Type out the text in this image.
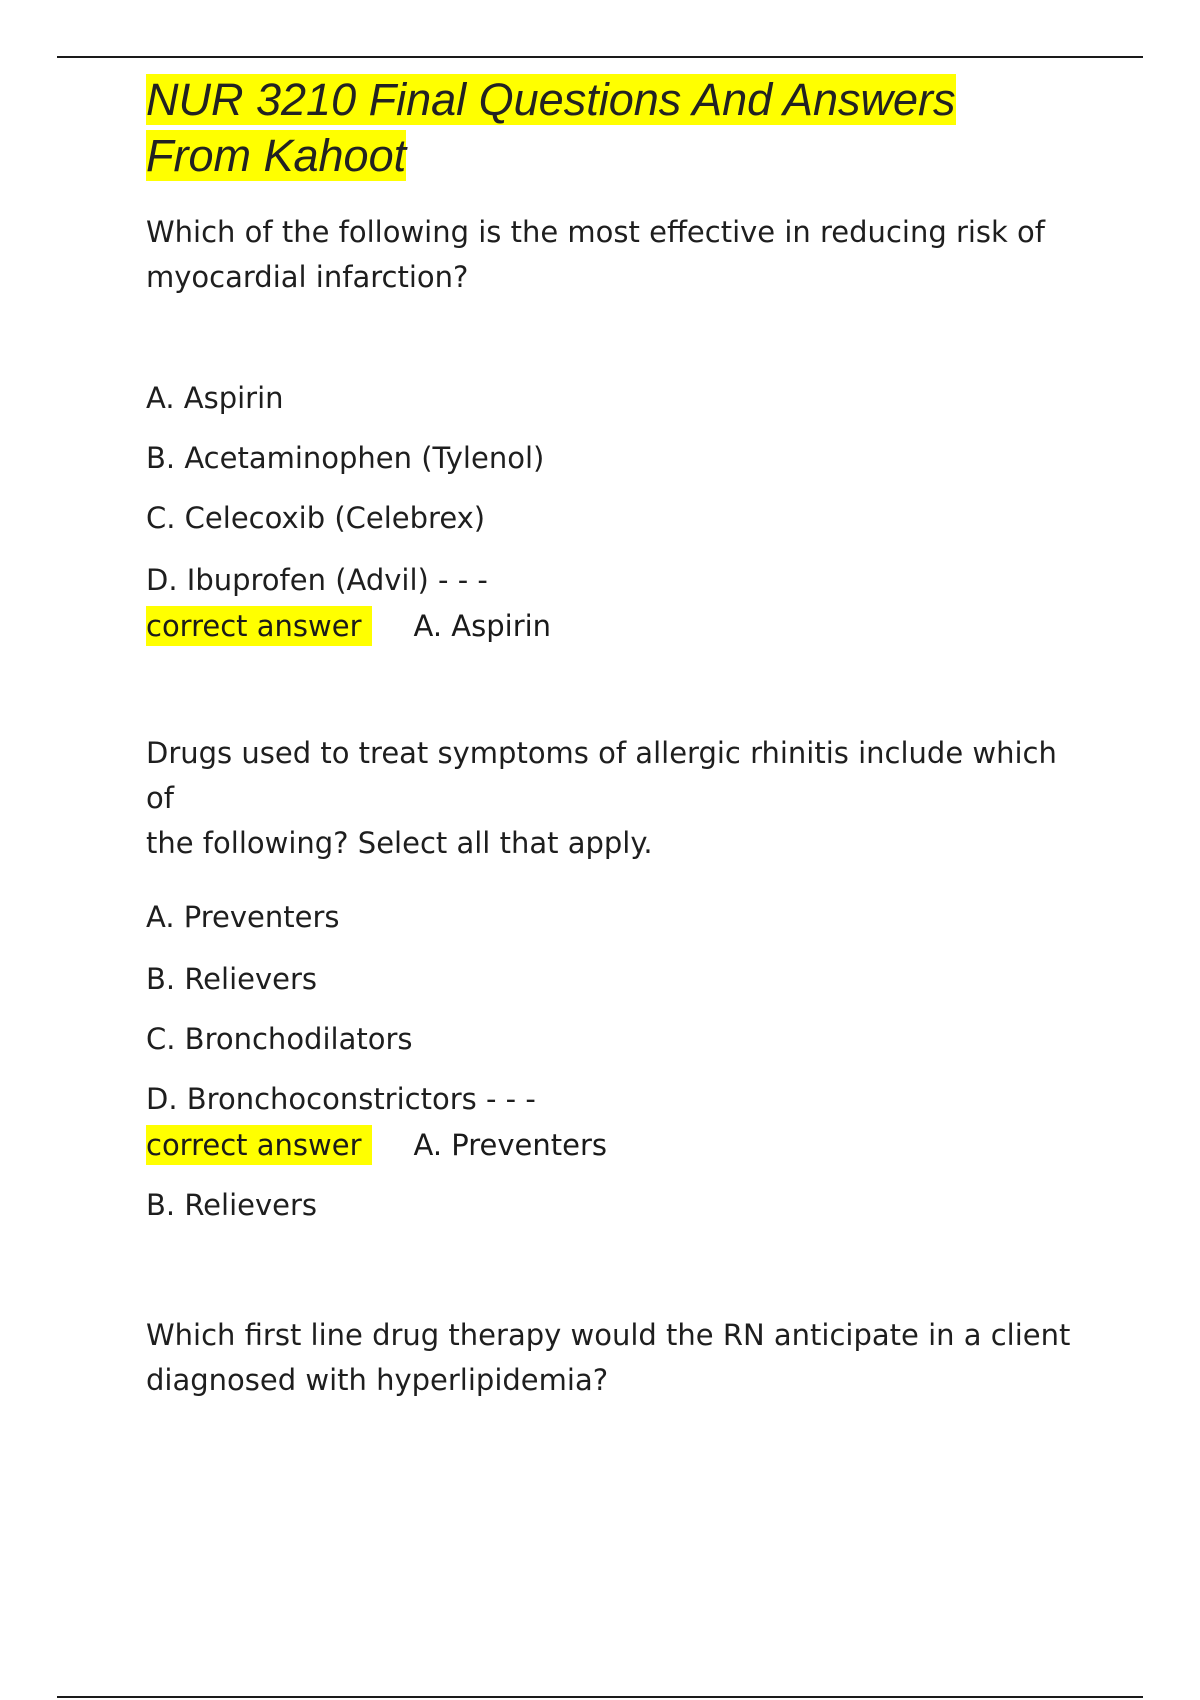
NUR 3210 Final Questions And Answers
From Kahoot

Which of the following is the most effective in reducing risk of
myocardial infarction?

A. Aspirin

B. Acetaminophen (Tylenol)

C. Celecoxib (Celebrex)

D. Ibuprofen (Advil) - - -

correct answer	A. Aspirin

Drugs used to treat symptoms of allergic rhinitis include which of
the following? Select all that apply.

A. Preventers

B. Relievers

C. Bronchodilators

D. Bronchoconstrictors - - -

correct answer	A. Preventers

B. Relievers

Which first line drug therapy would the RN anticipate in a client
diagnosed with hyperlipidemia?
